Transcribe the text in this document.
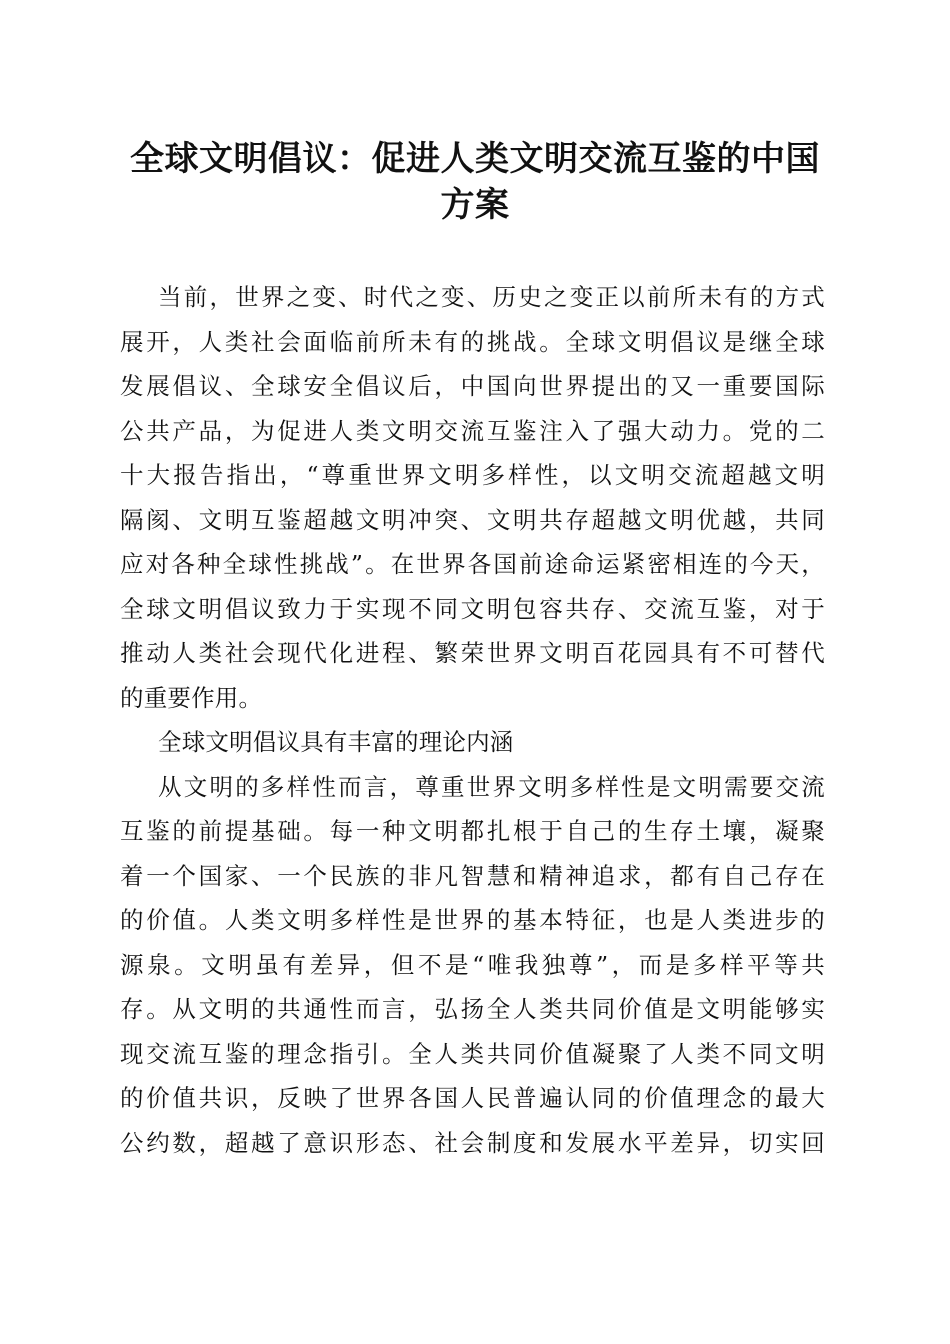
全球文明倡议：促进人类文明交流互鉴的中国
方案
当前，世界之变、时代之变、历史之变正以前所未有的方式
展开，人类社会面临前所未有的挑战。全球文明倡议是继全球
发展倡议、全球安全倡议后，中国向世界提出的又一重要国际
公共产品，为促进人类文明交流互鉴注入了强大动力。党的二
十大报告指出，“尊重世界文明多样性，以文明交流超越文明
隔阂、文明互鉴超越文明冲突、文明共存超越文明优越，共同
应对各种全球性挑战”。在世界各国前途命运紧密相连的今天，
全球文明倡议致力于实现不同文明包容共存、交流互鉴，对于
推动人类社会现代化进程、繁荣世界文明百花园具有不可替代
的重要作用。
全球文明倡议具有丰富的理论内涵
从文明的多样性而言，尊重世界文明多样性是文明需要交流
互鉴的前提基础。每一种文明都扎根于自己的生存土壤，凝聚
着一个国家、一个民族的非凡智慧和精神追求，都有自己存在
的价值。人类文明多样性是世界的基本特征，也是人类进步的
源泉。文明虽有差异，但不是“唯我独尊”，而是多样平等共
存。从文明的共通性而言，弘扬全人类共同价值是文明能够实
现交流互鉴的理念指引。全人类共同价值凝聚了人类不同文明
的价值共识，反映了世界各国人民普遍认同的价值理念的最大
公约数，超越了意识形态、社会制度和发展水平差异，切实回
